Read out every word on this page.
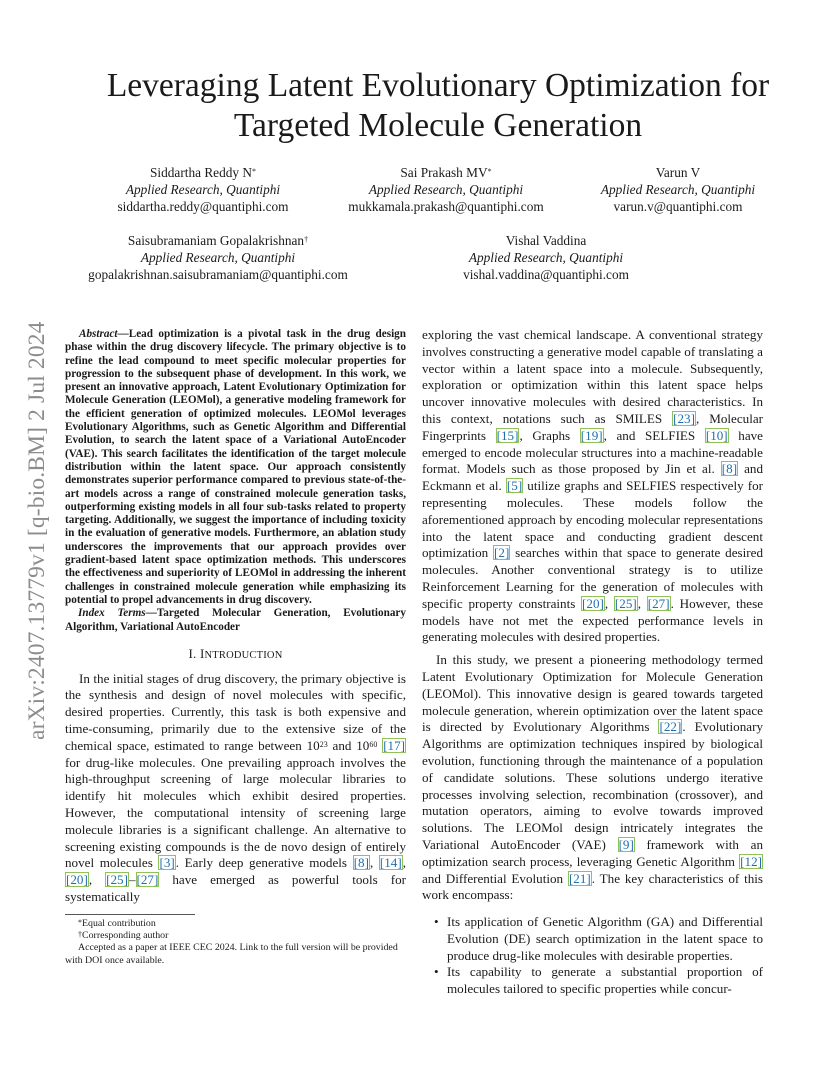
arXiv:2407.13779v1 [q-bio.BM] 2 Jul 2024
Leveraging Latent Evolutionary Optimization for
Targeted Molecule Generation
Siddartha Reddy N*
Applied Research, Quantiphi
siddartha.reddy@quantiphi.com
Sai Prakash MV*
Applied Research, Quantiphi
mukkamala.prakash@quantiphi.com
Varun V
Applied Research, Quantiphi
varun.v@quantiphi.com
Saisubramaniam Gopalakrishnan†
Applied Research, Quantiphi
gopalakrishnan.saisubramaniam@quantiphi.com
Vishal Vaddina
Applied Research, Quantiphi
vishal.vaddina@quantiphi.com

Abstract—Lead optimization is a pivotal task in the drug design phase within the drug discovery lifecycle. The primary objective is to refine the lead compound to meet specific molecular properties for progression to the subsequent phase of development. In this work, we present an innovative approach, Latent Evolutionary Optimization for Molecule Generation (LEOMol), a generative modeling framework for the efficient generation of optimized molecules. LEOMol leverages Evolutionary Algorithms, such as Genetic Algorithm and Differential Evolution, to search the latent space of a Variational AutoEncoder (VAE). This search facilitates the identification of the target molecule distribution within the latent space. Our approach consistently demonstrates superior performance compared to previous state-of-the-art models across a range of constrained molecule generation tasks, outperforming existing models in all four sub-tasks related to property targeting. Additionally, we suggest the importance of including toxicity in the evaluation of generative models. Furthermore, an ablation study underscores the improvements that our approach provides over gradient-based latent space optimization methods. This underscores the effectiveness and superiority of LEOMol in addressing the inherent challenges in constrained molecule generation while emphasizing its potential to propel advancements in drug discovery.

Index Terms—Targeted Molecular Generation, Evolutionary Algorithm, Variational AutoEncoder

I. INTRODUCTION

In the initial stages of drug discovery, the primary objective is the synthesis and design of novel molecules with specific, desired properties. Currently, this task is both expensive and time-consuming, primarily due to the extensive size of the chemical space, estimated to range between $10^{23}$ and $10^{60}$ [17] for drug-like molecules. One prevailing approach involves the high-throughput screening of large molecular libraries to identify hit molecules which exhibit desired properties. However, the computational intensity of screening large molecule libraries is a significant challenge. An alternative to screening existing compounds is the de novo design of entirely novel molecules [3]. Early deep generative models [8], [14], [20], [25]–[27] have emerged as powerful tools for systematically

*Equal contribution
†Corresponding author
Accepted as a paper at IEEE CEC 2024. Link to the full version will be provided with DOI once available.

exploring the vast chemical landscape. A conventional strategy involves constructing a generative model capable of translating a vector within a latent space into a molecule. Subsequently, exploration or optimization within this latent space helps uncover innovative molecules with desired characteristics. In this context, notations such as SMILES [23], Molecular Fingerprints [15], Graphs [19], and SELFIES [10] have emerged to encode molecular structures into a machine-readable format. Models such as those proposed by Jin et al. [8] and Eckmann et al. [5] utilize graphs and SELFIES respectively for representing molecules. These models follow the aforementioned approach by encoding molecular representations into the latent space and conducting gradient descent optimization [2] searches within that space to generate desired molecules. Another conventional strategy is to utilize Reinforcement Learning for the generation of molecules with specific property constraints [20], [25], [27]. However, these models have not met the expected performance levels in generating molecules with desired properties.

In this study, we present a pioneering methodology termed Latent Evolutionary Optimization for Molecule Generation (LEOMol). This innovative design is geared towards targeted molecule generation, wherein optimization over the latent space is directed by Evolutionary Algorithms [22]. Evolutionary Algorithms are optimization techniques inspired by biological evolution, functioning through the maintenance of a population of candidate solutions. These solutions undergo iterative processes involving selection, recombination (crossover), and mutation operators, aiming to evolve towards improved solutions. The LEOMol design intricately integrates the Variational AutoEncoder (VAE) [9] framework with an optimization search process, leveraging Genetic Algorithm [12] and Differential Evolution [21]. The key characteristics of this work encompass:

• Its application of Genetic Algorithm (GA) and Differential Evolution (DE) search optimization in the latent space to produce drug-like molecules with desirable properties.
• Its capability to generate a substantial proportion of molecules tailored to specific properties while concur-
